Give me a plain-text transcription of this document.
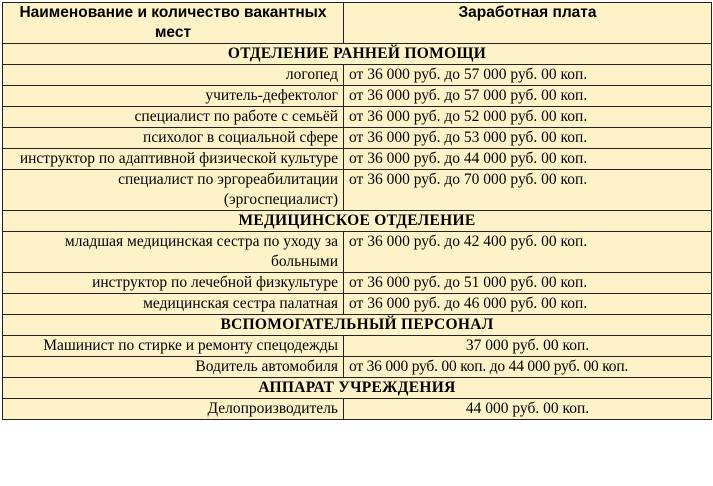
Наименование и количество вакантных мест	Заработная плата
ОТДЕЛЕНИЕ РАННЕЙ ПОМОЩИ	
логопед	от 36 000 руб. до 57 000 руб. 00 коп.
учитель-дефектолог	от 36 000 руб. до 57 000 руб. 00 коп.
специалист по работе с семьёй	от 36 000 руб. до 52 000 руб. 00 коп.
психолог в социальной сфере	от 36 000 руб. до 53 000 руб. 00 коп.
инструктор по адаптивной физической культуре	от 36 000 руб. до 44 000 руб. 00 коп.
специалист по эргореабилитации (эргоспециалист)	от 36 000 руб. до 70 000 руб. 00 коп.
МЕДИЦИНСКОЕ ОТДЕЛЕНИЕ	
младшая медицинская сестра по уходу за больными	от 36 000 руб. до 42 400 руб. 00 коп.
инструктор по лечебной физкультуре	от 36 000 руб. до 51 000 руб. 00 коп.
медицинская сестра палатная	от 36 000 руб. до 46 000 руб. 00 коп.
ВСПОМОГАТЕЛЬНЫЙ ПЕРСОНАЛ	
Машинист по стирке и ремонту спецодежды	37 000 руб. 00 коп.
Водитель автомобиля	от 36 000 руб. 00 коп. до 44 000 руб. 00 коп.
АППАРАТ УЧРЕЖДЕНИЯ	
Делопроизводитель	44 000 руб. 00 коп.
